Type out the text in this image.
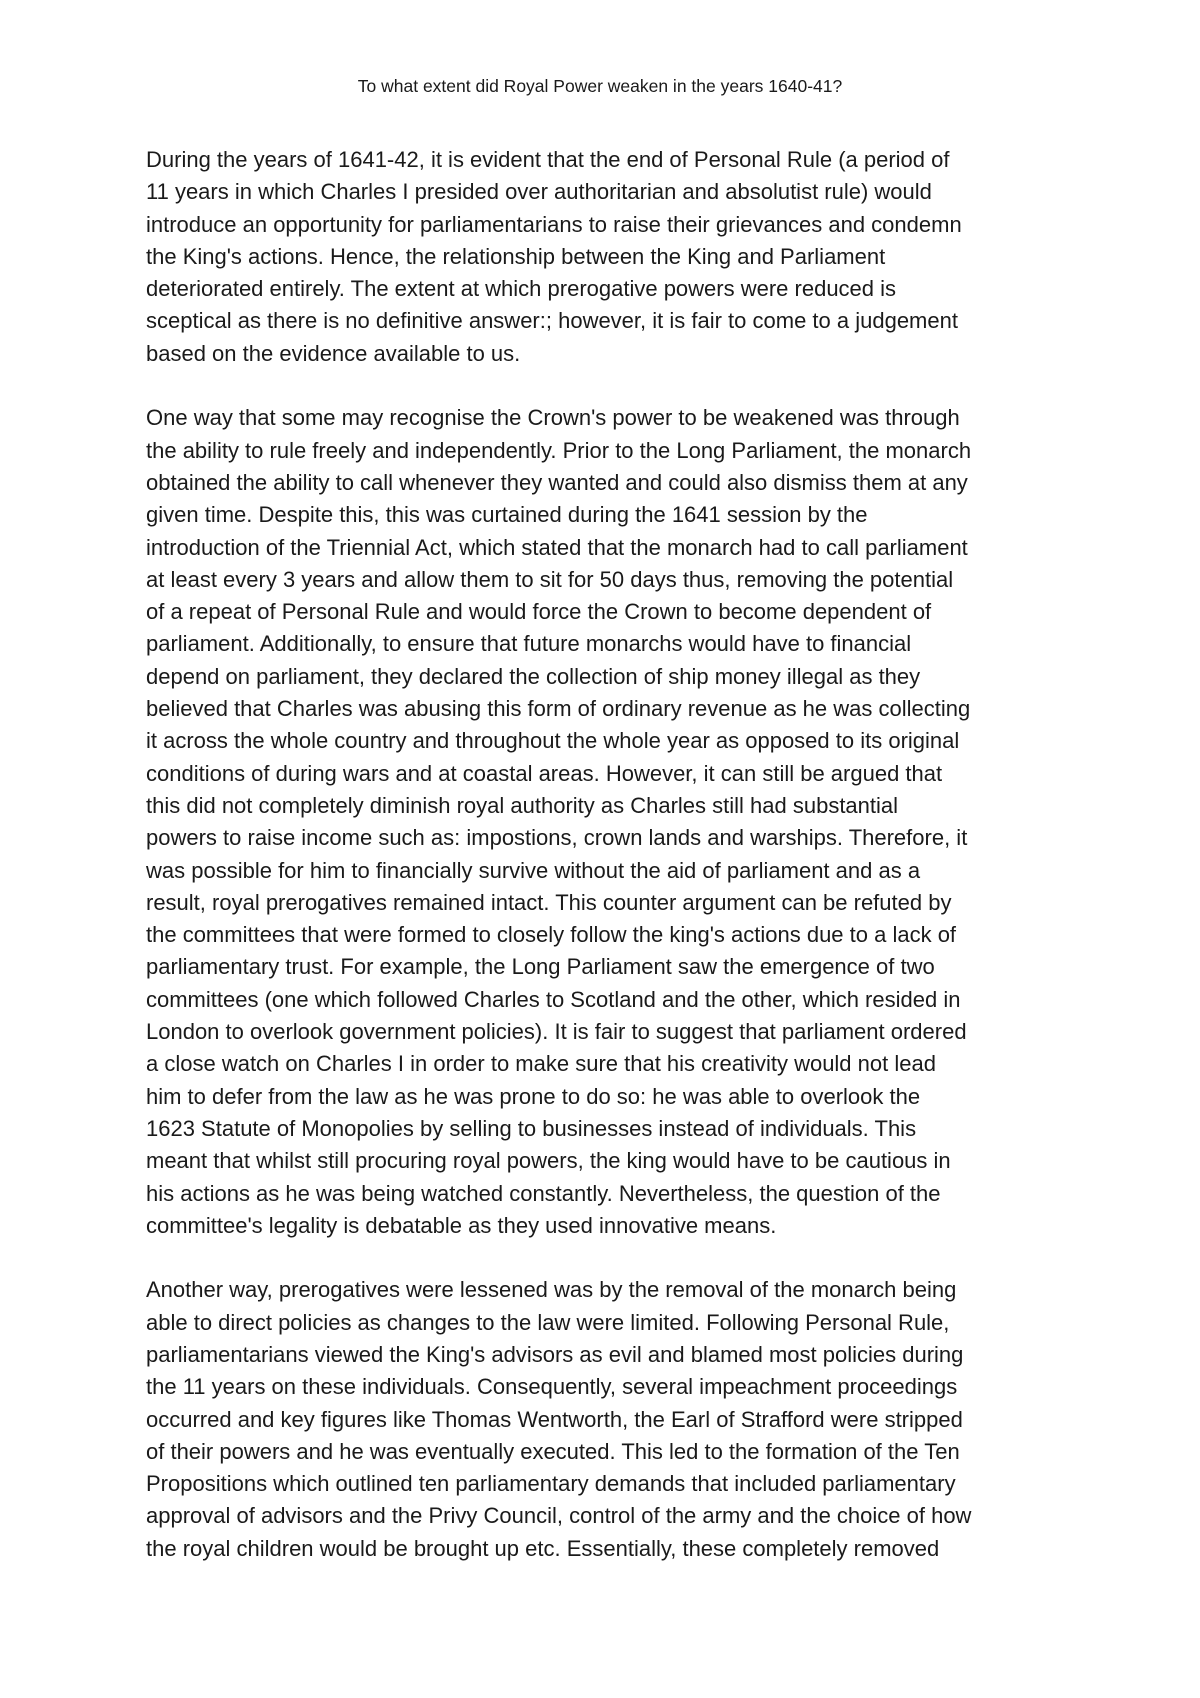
To what extent did Royal Power weaken in the years 1640-41?

During the years of 1641-42, it is evident that the end of Personal Rule (a period of
11 years in which Charles I presided over authoritarian and absolutist rule) would
introduce an opportunity for parliamentarians to raise their grievances and condemn
the King's actions. Hence, the relationship between the King and Parliament
deteriorated entirely. The extent at which prerogative powers were reduced is
sceptical as there is no definitive answer:; however, it is fair to come to a judgement
based on the evidence available to us.

One way that some may recognise the Crown's power to be weakened was through
the ability to rule freely and independently. Prior to the Long Parliament, the monarch
obtained the ability to call whenever they wanted and could also dismiss them at any
given time. Despite this, this was curtained during the 1641 session by the
introduction of the Triennial Act, which stated that the monarch had to call parliament
at least every 3 years and allow them to sit for 50 days thus, removing the potential
of a repeat of Personal Rule and would force the Crown to become dependent of
parliament. Additionally, to ensure that future monarchs would have to financial
depend on parliament, they declared the collection of ship money illegal as they
believed that Charles was abusing this form of ordinary revenue as he was collecting
it across the whole country and throughout the whole year as opposed to its original
conditions of during wars and at coastal areas. However, it can still be argued that
this did not completely diminish royal authority as Charles still had substantial
powers to raise income such as: impostions, crown lands and warships. Therefore, it
was possible for him to financially survive without the aid of parliament and as a
result, royal prerogatives remained intact. This counter argument can be refuted by
the committees that were formed to closely follow the king's actions due to a lack of
parliamentary trust. For example, the Long Parliament saw the emergence of two
committees (one which followed Charles to Scotland and the other, which resided in
London to overlook government policies). It is fair to suggest that parliament ordered
a close watch on Charles I in order to make sure that his creativity would not lead
him to defer from the law as he was prone to do so: he was able to overlook the
1623 Statute of Monopolies by selling to businesses instead of individuals. This
meant that whilst still procuring royal powers, the king would have to be cautious in
his actions as he was being watched constantly. Nevertheless, the question of the
committee's legality is debatable as they used innovative means.

Another way, prerogatives were lessened was by the removal of the monarch being
able to direct policies as changes to the law were limited. Following Personal Rule,
parliamentarians viewed the King's advisors as evil and blamed most policies during
the 11 years on these individuals. Consequently, several impeachment proceedings
occurred and key figures like Thomas Wentworth, the Earl of Strafford were stripped
of their powers and he was eventually executed. This led to the formation of the Ten
Propositions which outlined ten parliamentary demands that included parliamentary
approval of advisors and the Privy Council, control of the army and the choice of how
the royal children would be brought up etc. Essentially, these completely removed
